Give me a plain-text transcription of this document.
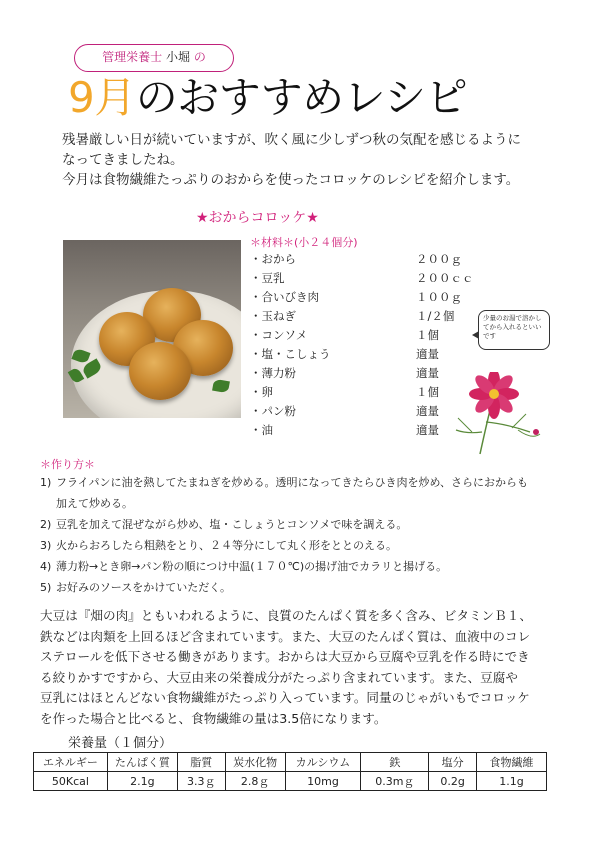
管理栄養士 小堀 の
9月のおすすめレシピ

残暑厳しい日が続いていますが、吹く風に少しずつ秋の気配を感じるように

なってきましたね。

今月は食物繊維たっぷりのおからを使ったコロッケのレシピを紹介します。

★おからコロッケ★
＊材料＊(小２４個分)
・おから	２００ｇ
・豆乳	２００ｃｃ
・合いびき肉	１００ｇ
・玉ねぎ	１/２個
・コンソメ	１個
・塩・こしょう	適量
・薄力粉	適量
・卵	１個
・パン粉	適量
・油	適量
少量のお湯で溶かしてから入れるといいです
＊作り方＊
1) フライパンに油を熱してたまねぎを炒める。透明になってきたらひき肉を炒め、さらにおからも
加えて炒める。
2) 豆乳を加えて混ぜながら炒め、塩・こしょうとコンソメで味を調える。
3) 火からおろしたら粗熱をとり、２４等分にして丸く形をととのえる。
4) 薄力粉→とき卵→パン粉の順につけ中温(１７０℃)の揚げ油でカラリと揚げる。
5) お好みのソースをかけていただく。

大豆は『畑の肉』ともいわれるように、良質のたんぱく質を多く含み、ビタミンＢ１、

鉄などは肉類を上回るほど含まれています。また、大豆のたんぱく質は、血液中のコレ

ステロールを低下させる働きがあります。おからは大豆から豆腐や豆乳を作る時にでき

る絞りかすですから、大豆由来の栄養成分がたっぷり含まれています。また、豆腐や

豆乳にはほとんどない食物繊維がたっぷり入っています。同量のじゃがいもでコロッケ

を作った場合と比べると、食物繊維の量は3.5倍になります。

栄養量（１個分）
エネルギー	たんぱく質	脂質	炭水化物	カルシウム	鉄	塩分	食物繊維
50Kcal	2.1g	3.3ｇ	2.8ｇ	10mg	0.3mｇ	0.2g	1.1g
